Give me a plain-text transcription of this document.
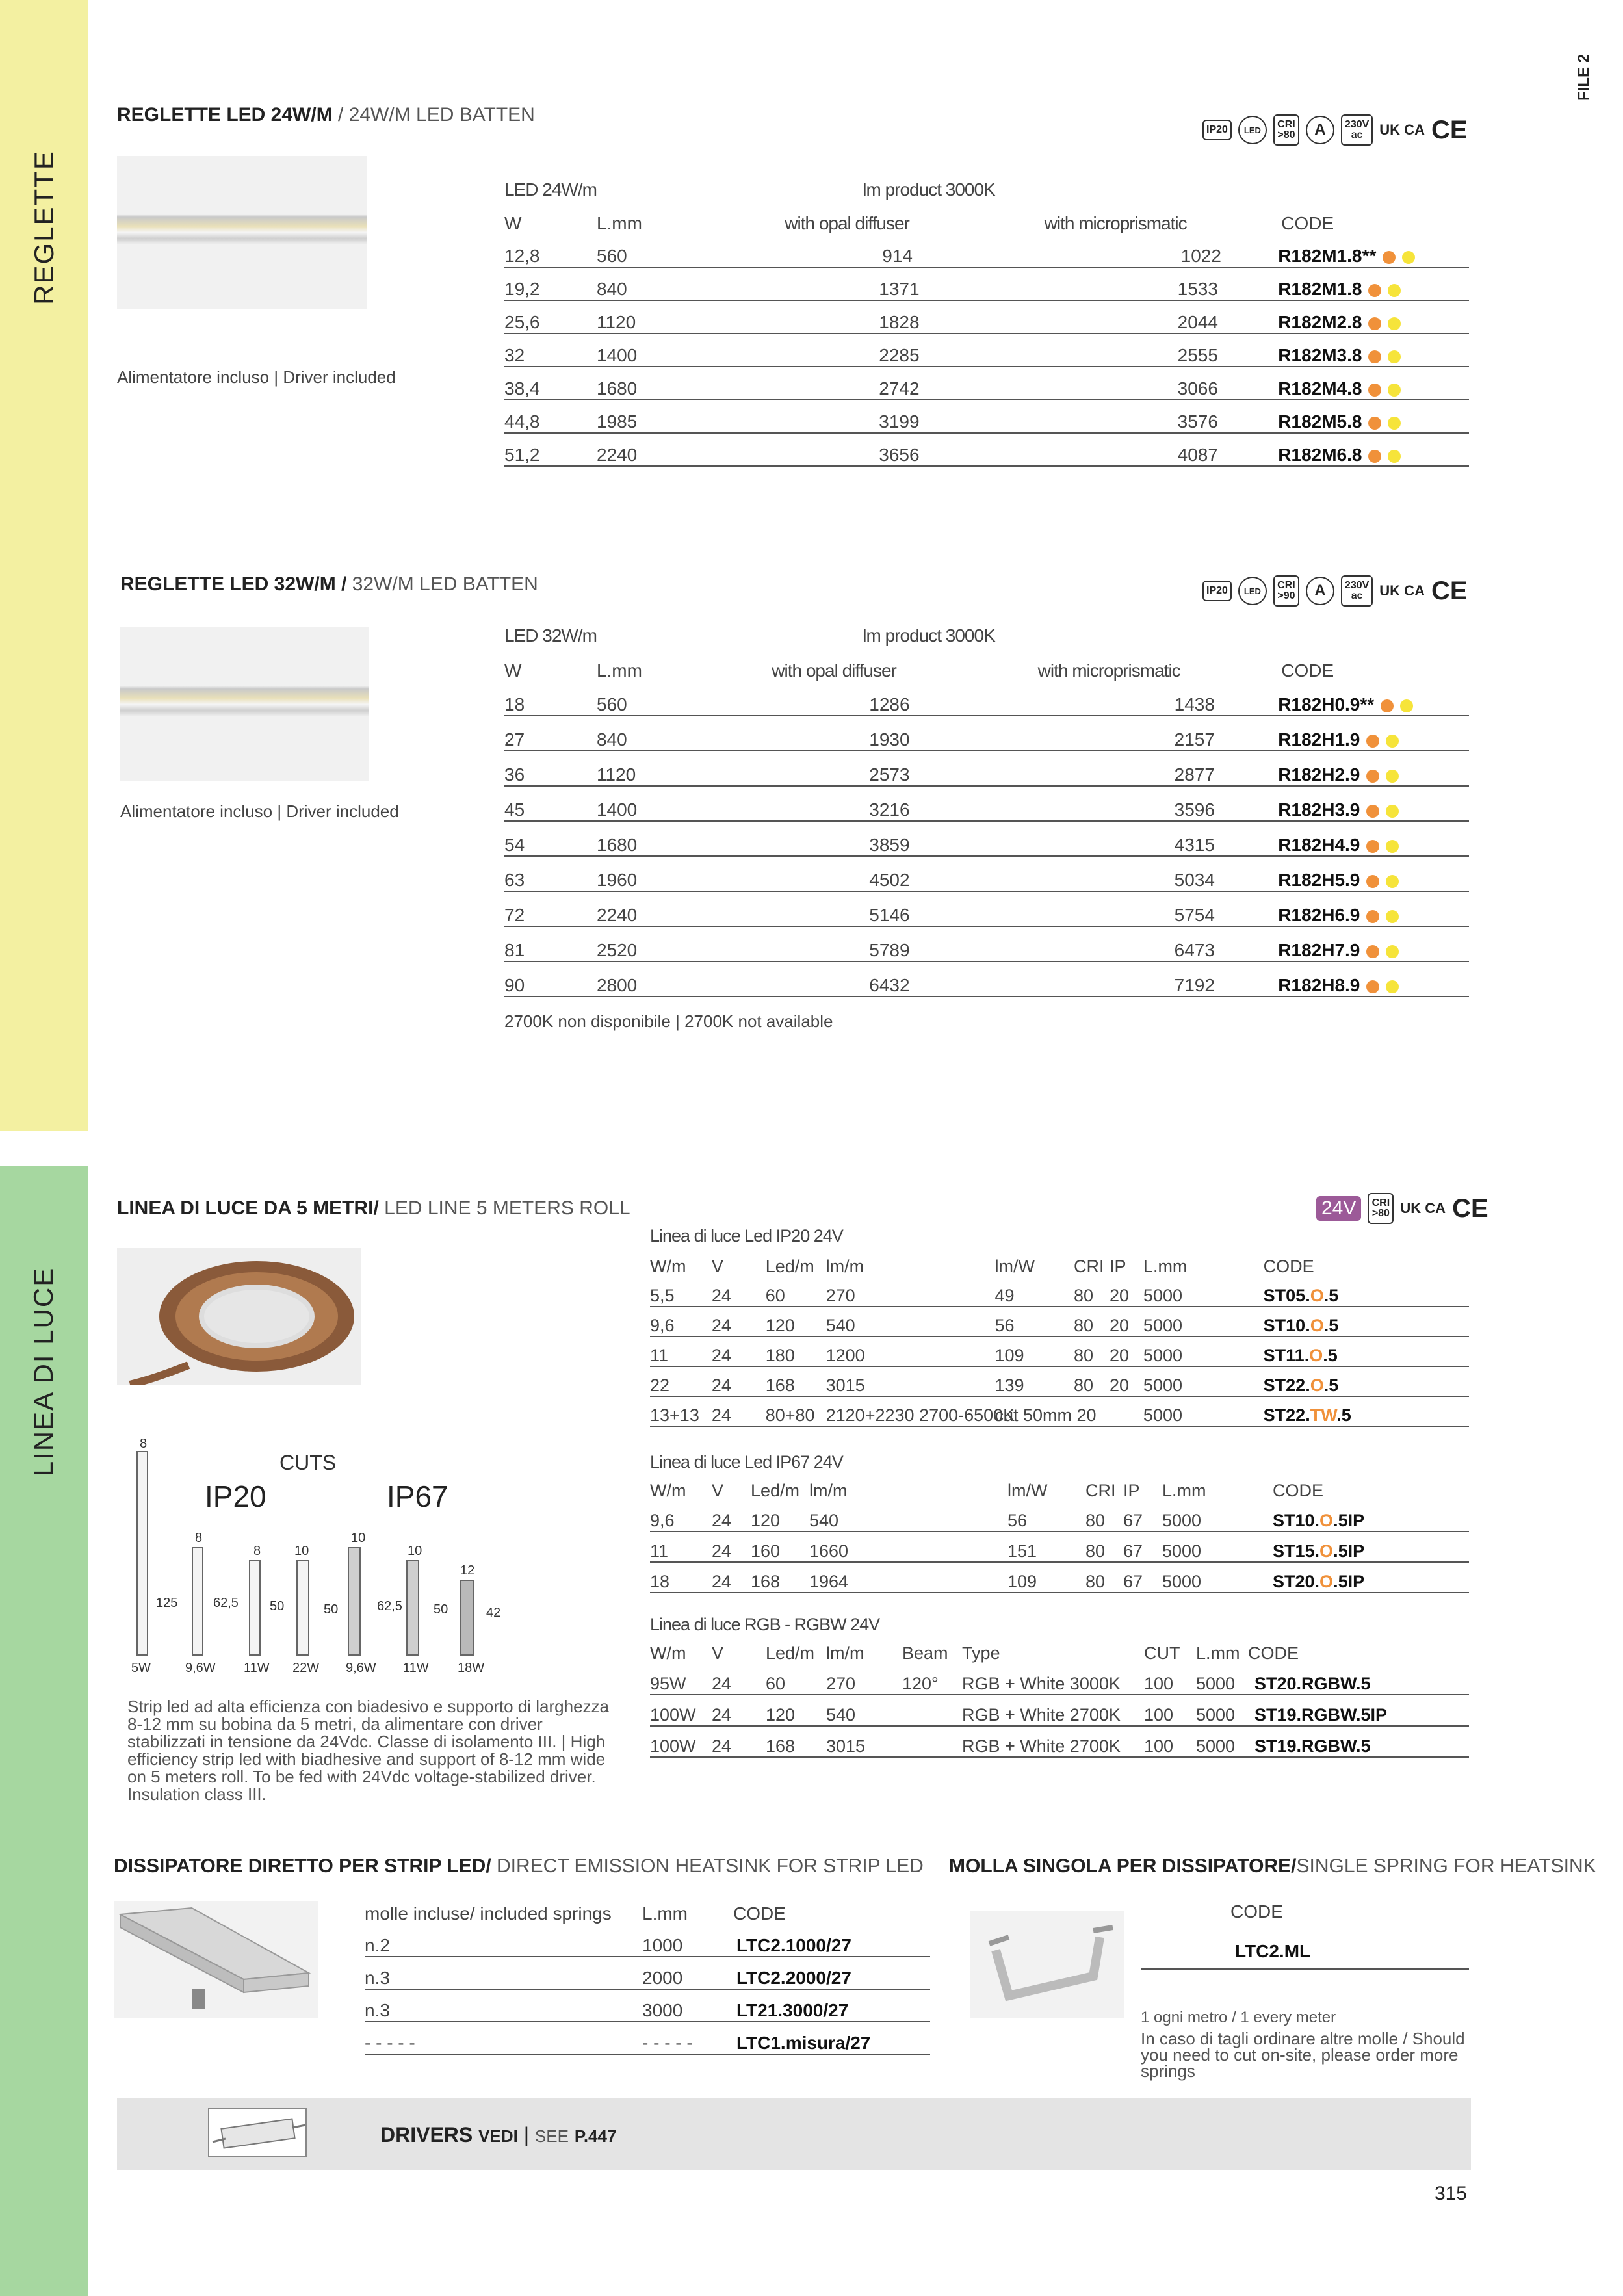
REGLETTE
LINEA DI LUCE
FILE 2
REGLETTE LED 24W/M / 24W/M LED BATTEN
IP20	LED	CRI
>80	A	230V
ac	UK CA CE
Alimentatore incluso | Driver included
LED 24W/m		lm product 3000K		
W	L.mm	with opal diffuser	with microprismatic	CODE
12,8	560	914	1022	R182M1.8**
19,2	840	1371	1533	R182M1.8
25,6	1120	1828	2044	R182M2.8
32	1400	2285	2555	R182M3.8
38,4	1680	2742	3066	R182M4.8
44,8	1985	3199	3576	R182M5.8
51,2	2240	3656	4087	R182M6.8
REGLETTE LED 32W/M / 32W/M LED BATTEN	IP20	LED	CRI
>90	A	230V
ac	UK CA CE
Alimentatore incluso | Driver included
LED 32W/m		lm product 3000K		
W	L.mm	with opal diffuser	with microprismatic	CODE
18	560	1286	1438	R182H0.9**
27	840	1930	2157	R182H1.9
36	1120	2573	2877	R182H2.9
45	1400	3216	3596	R182H3.9
54	1680	3859	4315	R182H4.9
63	1960	4502	5034	R182H5.9
72	2240	5146	5754	R182H6.9
81	2520	5789	6473	R182H7.9
90	2800	6432	7192	R182H8.9
2700K non disponibile | 2700K not available
LINEA DI LUCE DA 5 METRI/ LED LINE 5 METERS ROLL	24V	CRI
>80 UK CA CE
Linea di luce Led IP20 24V				
W/m	V	Led/m	lm/m	lm/W	CRI	IP	L.mm	CODE
5,5	24	60	270	49	80	20	5000	ST05.O.5
9,6	24	120	540	56	80	20	5000	ST10.O.5
11	24	180	1200	109	80	20	5000	ST11.O.5
22	24	168	3015	139	80	20	5000	ST22.O.5
13+13	24	80+80	2120+2230 2700-6500K	cut 50mm 20	5000	ST22.TW.5
Linea di luce Led IP67 24V								
W/m	V	Led/m	lm/m	lm/W	CRI	IP	L.mm	CODE
9,6	24	120	540	56	80	67	5000	ST10.O.5IP
11	24	160	1660	151	80	67	5000	ST15.O.5IP
18	24	168	1964	109	80	67	5000	ST20.O.5IP
Linea di luce RGB - RGBW 24V								
W/m	V	Led/m	lm/m	Beam	Type	CUT	L.mm	CODE
95W	24	60	270	120°	RGB + White 3000K	100	5000	ST20.RGBW.5
100W	24	120	540		RGB + White 2700K	100	5000	ST19.RGBW.5IP
100W	24	168	3015		RGB + White 2700K	100	5000	ST19.RGBW.5
CUTS
IP20	IP67
8
8
8	10
10
10
12
125	62,5 50	50	62,5 50	42
5W	9,6W 11W 22W 9,6W 11W 18W
Strip led ad alta efficienza con biadesivo e supporto di larghezza 8-12 mm su bobina da 5 metri, da alimentare con driver stabilizzati in tensione da 24Vdc. Classe di isolamento III. | High efficiency strip led with biadhesive and support of 8-12 mm wide on 5 meters roll. To be fed with 24Vdc voltage-stabilized driver. Insulation class III.
DISSIPATORE DIRETTO PER STRIP LED/ DIRECT EMISSION HEATSINK FOR STRIP LED
molle incluse/ included springs	L.mm	CODE
n.2	1000	LTC2.1000/27
n.3	2000	LTC2.2000/27
n.3	3000	LT21.3000/27
- - - - -	- - - - -	LTC1.misura/27
MOLLA SINGOLA PER DISSIPATORE/SINGLE SPRING FOR HEATSINK
CODE
LTC2.ML
1 ogni metro / 1 every meter
In caso di tagli ordinare altre molle / Should you need to cut on-site, please order more springs
DRIVERS VEDI | SEE P.447
315
